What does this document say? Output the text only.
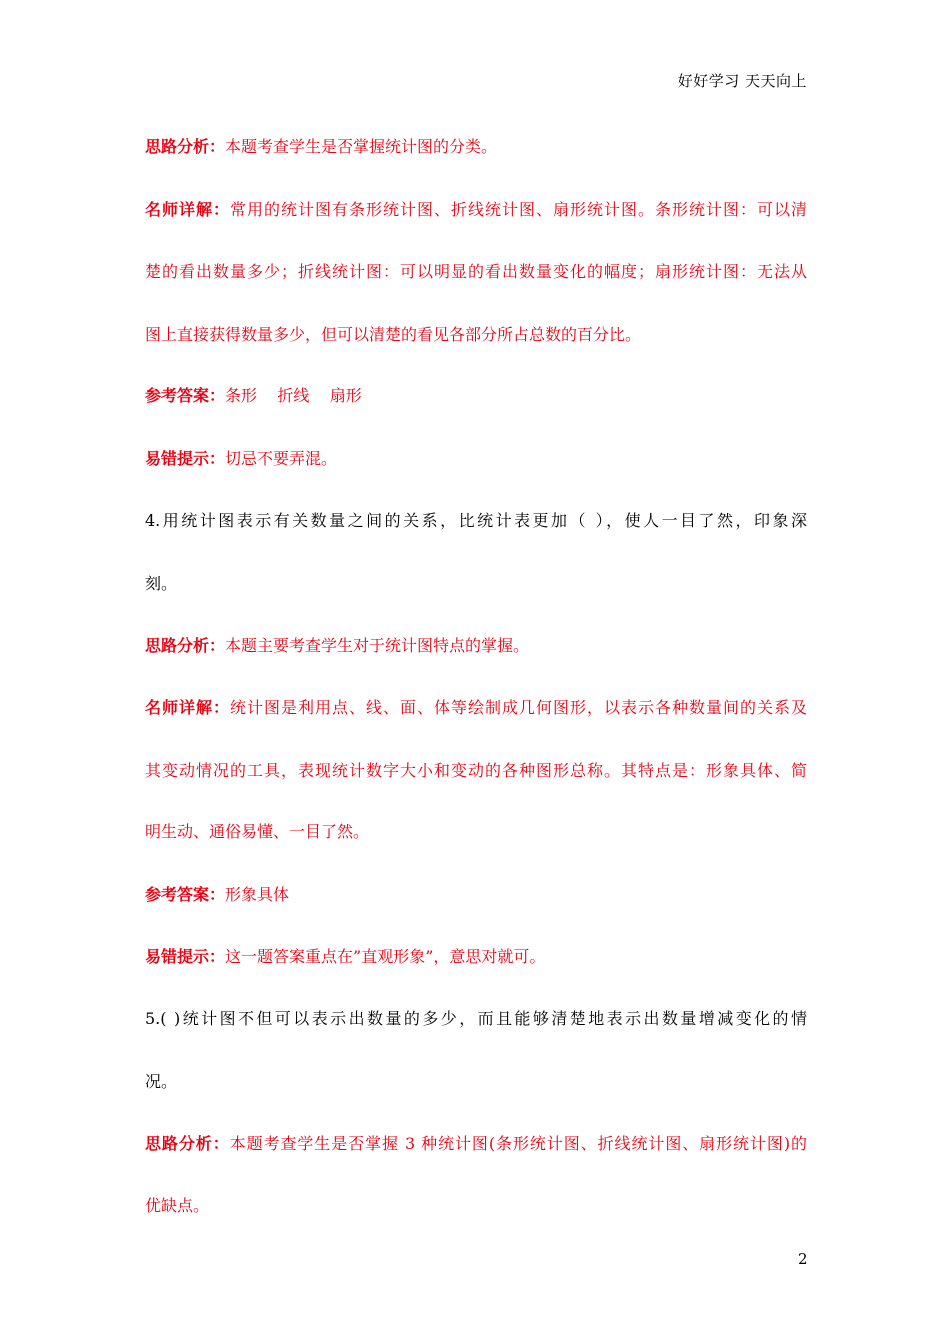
好好学习 天天向上
思路分析：本题考查学生是否掌握统计图的分类。
名师详解：常用的统计图有条形统计图、折线统计图、扇形统计图。条形统计图：可以清
楚的看出数量多少；折线统计图：可以明显的看出数量变化的幅度；扇形统计图：无法从
图上直接获得数量多少，但可以清楚的看见各部分所占总数的百分比。
参考答案：条形    折线    扇形
易错提示：切忌不要弄混。
4.用统计图表示有关数量之间的关系，比统计表更加（ ），使人一目了然，印象深
刻。
思路分析：本题主要考查学生对于统计图特点的掌握。
名师详解：统计图是利用点、线、面、体等绘制成几何图形，以表示各种数量间的关系及
其变动情况的工具，表现统计数字大小和变动的各种图形总称。其特点是：形象具体、简
明生动、通俗易懂、一目了然。
参考答案：形象具体
易错提示：这一题答案重点在”直观形象”，意思对就可。
5.( )统计图不但可以表示出数量的多少，而且能够清楚地表示出数量增减变化的情
况。
思路分析：本题考查学生是否掌握 3 种统计图(条形统计图、折线统计图、扇形统计图)的
优缺点。
2
